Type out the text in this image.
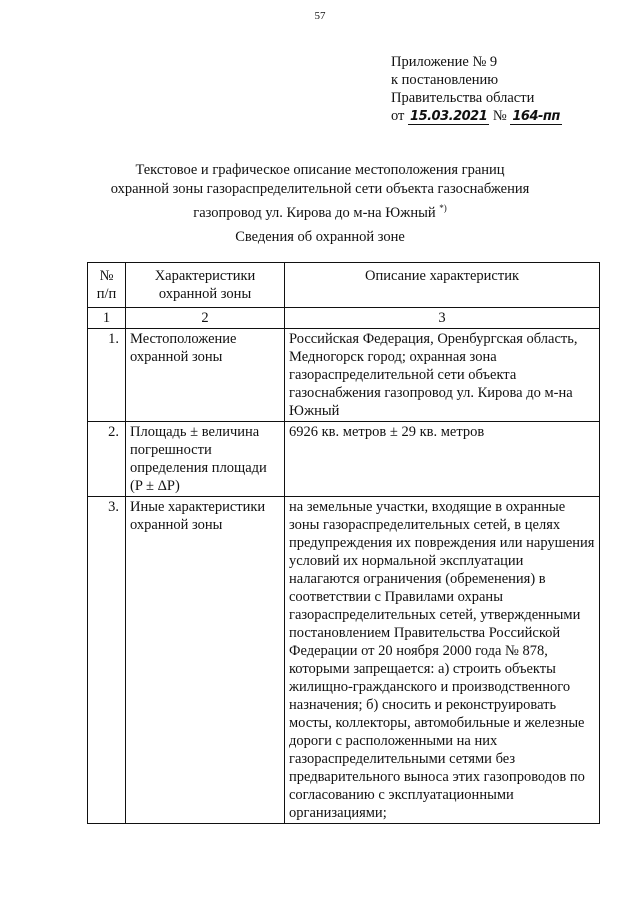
57
Приложение № 9
к постановлению
Правительства области
от 15.03.2021 № 164-пп
Текстовое и графическое описание местоположения границ
охранной зоны газораспределительной сети объекта газоснабжения
газопровод ул. Кирова до м-на Южный *)
Сведения об охранной зоне
№ п/п	Характеристики охранной зоны	Описание характеристик
1	2	3
1.	Местоположение охранной зоны	Российская Федерация, Оренбургская область, Медногорск город; охранная зона газораспределительной сети объекта газоснабжения газопровод ул. Кирова до м-на Южный
2.	Площадь ± величина погрешности определения площади (P ± ΔP)	6926 кв. метров ± 29 кв. метров
3.	Иные характеристики охранной зоны	на земельные участки, входящие в охранные зоны газораспределительных сетей, в целях предупреждения их повреждения или нарушения условий их нормальной эксплуатации налагаются ограничения (обременения) в соответствии с Правилами охраны газораспределительных сетей, утвержденными постановлением Правительства Российской Федерации от 20 ноября 2000 года № 878, которыми запрещается: а) строить объекты жилищно-гражданского и производственного назначения; б) сносить и реконструировать мосты, коллекторы, автомобильные и железные дороги с расположенными на них газораспределительными сетями без предварительного выноса этих газопроводов по согласованию с эксплуатационными организациями;
